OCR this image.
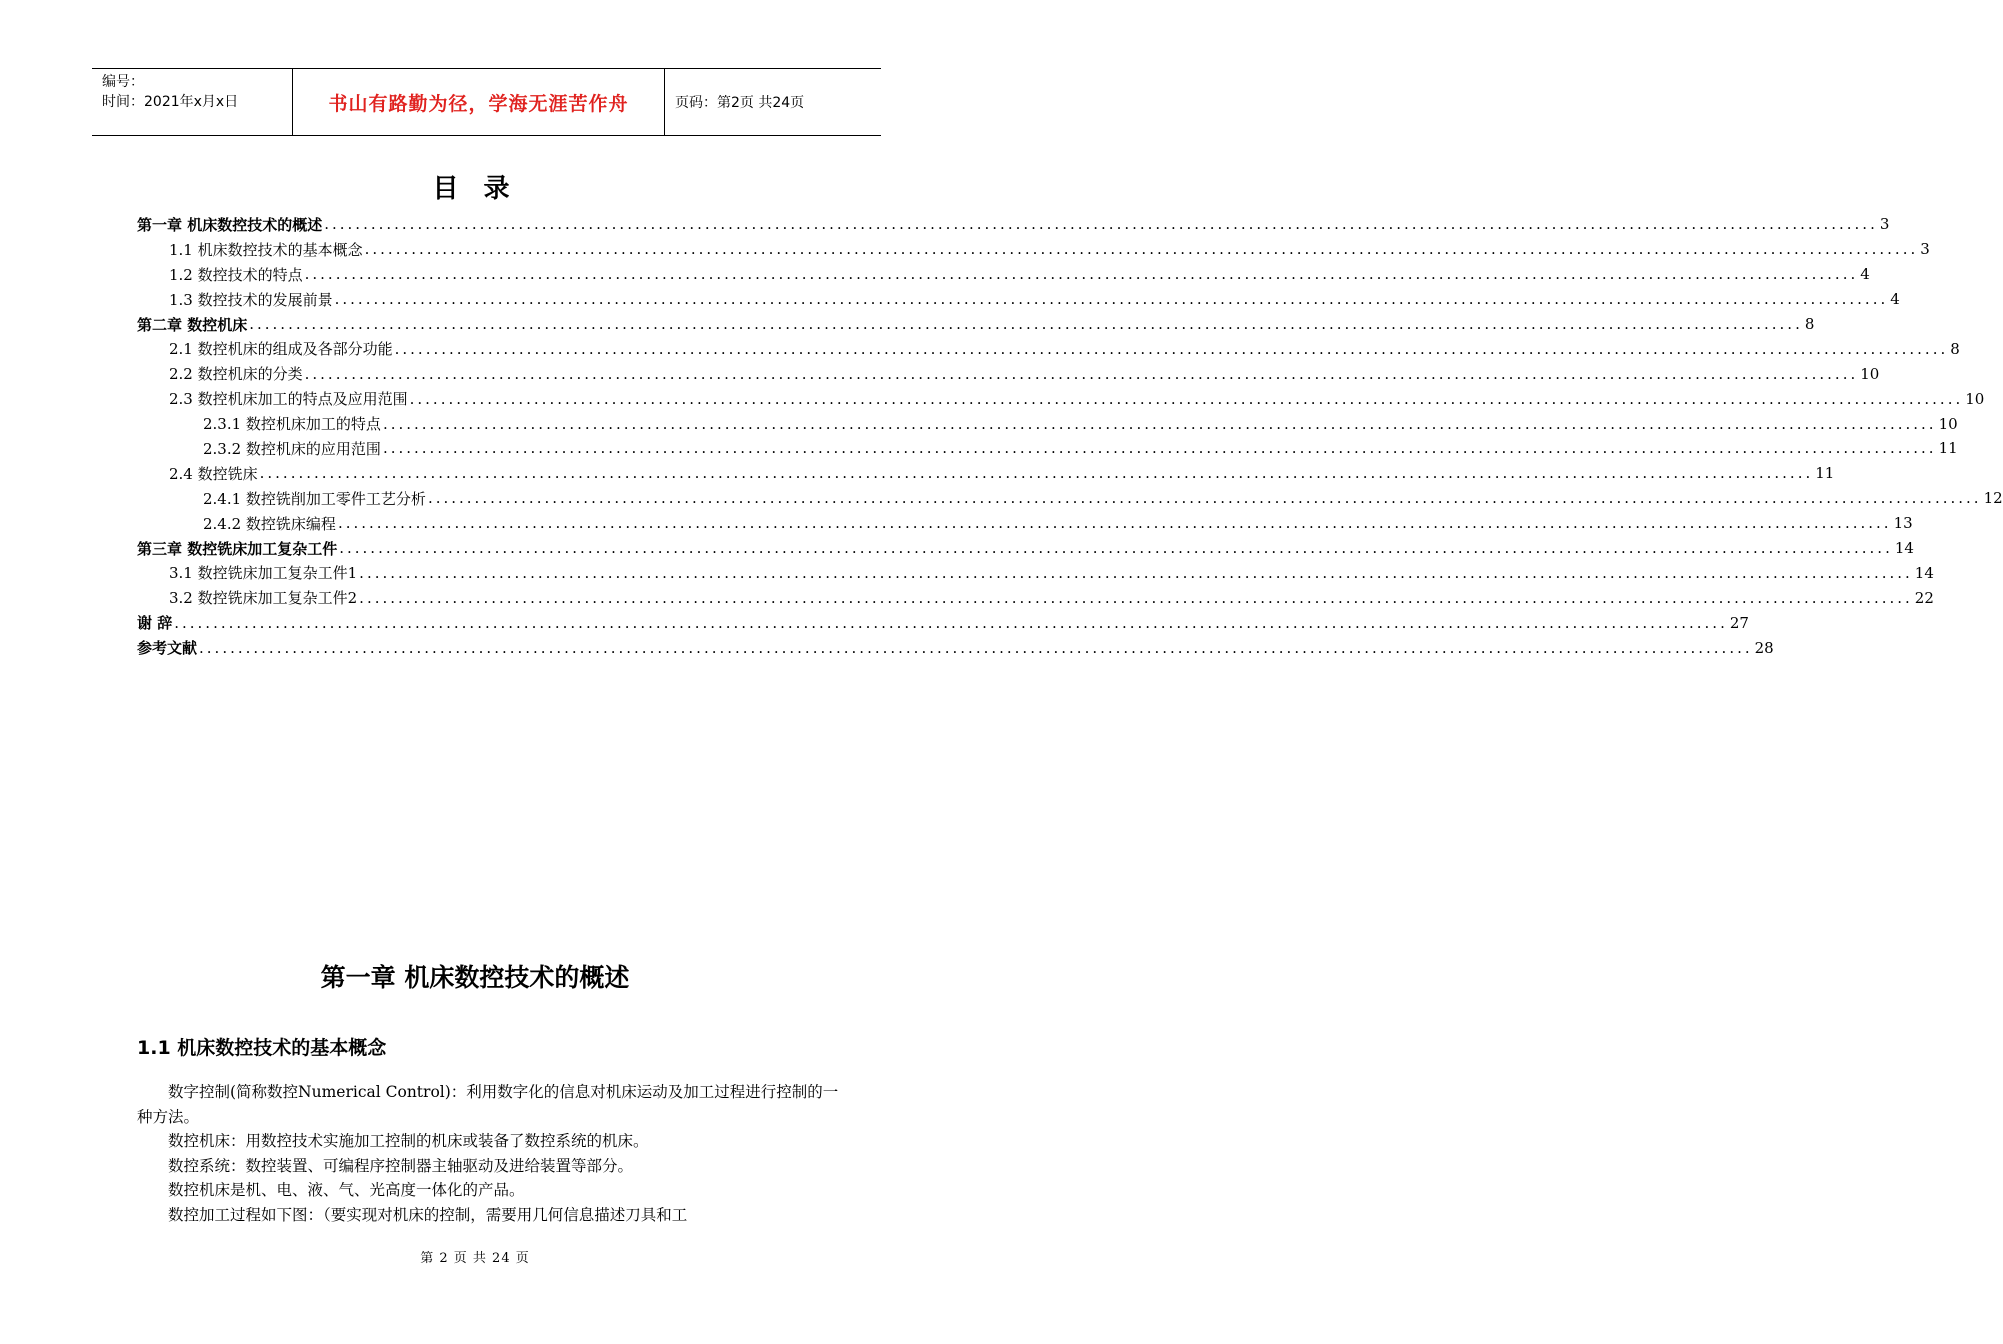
编号：
时间：2021年x月x日	书山有路勤为径，学海无涯苦作舟	页码：第2页 共24页
目 录
第一章 机床数控技术的概述 ........................................................................................................................................................................................................ 3
1.1 机床数控技术的基本概念 ........................................................................................................................................................................................................ 3
1.2 数控技术的特点 ........................................................................................................................................................................................................ 4
1.3 数控技术的发展前景 ........................................................................................................................................................................................................ 4
第二章 数控机床 ........................................................................................................................................................................................................ 8
2.1 数控机床的组成及各部分功能 ........................................................................................................................................................................................................ 8
2.2 数控机床的分类 ........................................................................................................................................................................................................ 10
2.3 数控机床加工的特点及应用范围 ........................................................................................................................................................................................................ 10
2.3.1 数控机床加工的特点 ........................................................................................................................................................................................................ 10
2.3.2 数控机床的应用范围 ........................................................................................................................................................................................................ 11
2.4 数控铣床 ........................................................................................................................................................................................................ 11
2.4.1 数控铣削加工零件工艺分析 ........................................................................................................................................................................................................ 12
2.4.2 数控铣床编程 ........................................................................................................................................................................................................ 13
第三章 数控铣床加工复杂工件 ........................................................................................................................................................................................................ 14
3.1 数控铣床加工复杂工件1 ........................................................................................................................................................................................................ 14
3.2 数控铣床加工复杂工件2 ........................................................................................................................................................................................................ 22
谢 辞 ........................................................................................................................................................................................................ 27
参考文献 ........................................................................................................................................................................................................ 28
第一章 机床数控技术的概述
1.1 机床数控技术的基本概念

数字控制(简称数控Numerical Control)：利用数字化的信息对机床运动及加工过程进行控制的一种方法。

数控机床：用数控技术实施加工控制的机床或装备了数控系统的机床。

数控系统：数控装置、可编程序控制器主轴驱动及进给装置等部分。

数控机床是机、电、液、气、光高度一体化的产品。

数控加工过程如下图：（要实现对机床的控制，需要用几何信息描述刀具和工

第 2 页 共 24 页
